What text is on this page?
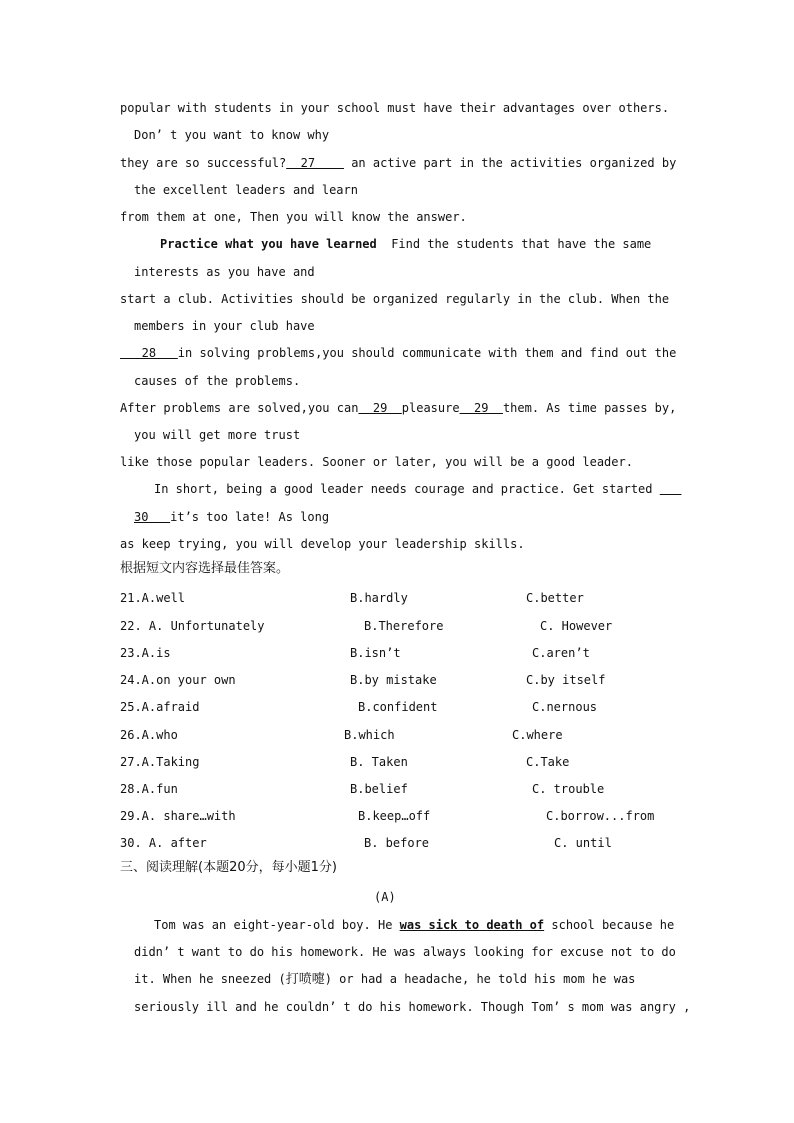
popular with students in your school must have their advantages over others.
Don’ t you want to know why
they are so successful?  27     an active part in the activities organized by
the excellent leaders and learn
from them at one, Then you will know the answer.
Practice what you have learned  Find the students that have the same
interests as you have and
start a club. Activities should be organized regularly in the club. When the
members in your club have
28   in solving problems,you should communicate with them and find out the
causes of the problems.
After problems are solved,you can  29  pleasure  29  them. As time passes by,
you will get more trust
like those popular leaders. Sooner or later, you will be a good leader.
In short, being a good leader needs courage and practice. Get started
30   it’s too late! As long
as keep trying, you will develop your leadership skills.
根据短文内容选择最佳答案。
21.A.well	B.hardly	C.better
22. A. Unfortunately	B.Therefore	C. However
23.A.is	B.isn’t	C.aren’t
24.A.on your own	B.by mistake	C.by itself
25.A.afraid	B.confident	C.nernous
26.A.who	B.which	C.where
27.A.Taking	B. Taken	C.Take
28.A.fun	B.belief	C. trouble
29.A. share…with	B.keep…off	C.borrow...from
30. A. after	B. before	C. until
三、阅读理解(本题20分，每小题1分)
(A)
Tom was an eight-year-old boy. He was sick to death of school because he
didn’ t want to do his homework. He was always looking for excuse not to do
it. When he sneezed (打喷嚏) or had a headache, he told his mom he was
seriously ill and he couldn’ t do his homework. Though Tom’ s mom was angry ,
